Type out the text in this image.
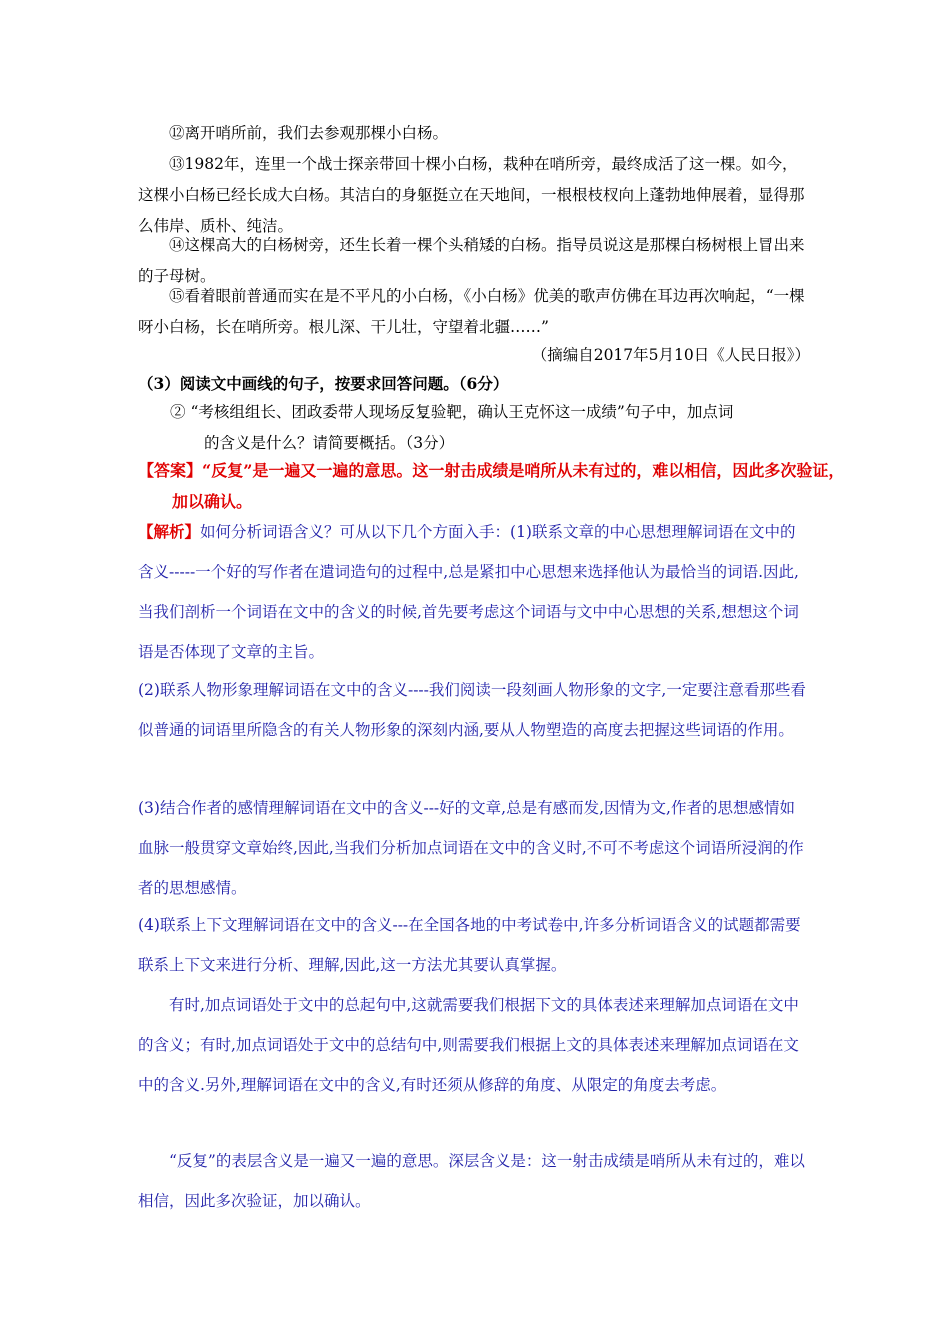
⑫离开哨所前，我们去参观那棵小白杨。

⑬1982年，连里一个战士探亲带回十棵小白杨，栽种在哨所旁，最终成活了这一棵。如今，这棵小白杨已经长成大白杨。其洁白的身躯挺立在天地间，一根根枝杈向上蓬勃地伸展着，显得那么伟岸、质朴、纯洁。

⑭这棵高大的白杨树旁，还生长着一棵个头稍矮的白杨。指导员说这是那棵白杨树根上冒出来的子母树。

⑮看着眼前普通而实在是不平凡的小白杨，《小白杨》优美的歌声仿佛在耳边再次响起，“一棵呀小白杨，长在哨所旁。根儿深、干儿壮，守望着北疆……”

（摘编自2017年5月10日《人民日报》）

（3）阅读文中画线的句子，按要求回答问题。（6分）

② “考核组组长、团政委带人现场反 ·复 ·验靶，确认王克怀这一成绩”句子中，加点词

的含义是什么？请简要概括。（3分）

【答案】“反复”是一遍又一遍的意思。这一射击成绩是哨所从未有过的，难以相信，因此多次验证，加以确认。
【解析】如何分析词语含义？可从以下几个方面入手：(1)联系文章的中心思想理解词语在文中的含义-----一个好的写作者在遣词造句的过程中,总是紧扣中心思想来选择他认为最恰当的词语.因此,当我们剖析一个词语在文中的含义的时候,首先要考虑这个词语与文中中心思想的关系,想想这个词语是否体现了文章的主旨。

(2)联系人物形象理解词语在文中的含义----我们阅读一段刻画人物形象的文字,一定要注意看那些看似普通的词语里所隐含的有关人物形象的深刻内涵,要从人物塑造的高度去把握这些词语的作用。

(3)结合作者的感情理解词语在文中的含义---好的文章,总是有感而发,因情为文,作者的思想感情如血脉一般贯穿文章始终,因此,当我们分析加点词语在文中的含义时,不可不考虑这个词语所浸润的作者的思想感情。

(4)联系上下文理解词语在文中的含义---在全国各地的中考试卷中,许多分析词语含义的试题都需要联系上下文来进行分析、理解,因此,这一方法尤其要认真掌握。

有时,加点词语处于文中的总起句中,这就需要我们根据下文的具体表述来理解加点词语在文中的含义；有时,加点词语处于文中的总结句中,则需要我们根据上文的具体表述来理解加点词语在文中的含义.另外,理解词语在文中的含义,有时还须从修辞的角度、从限定的角度去考虑。

“反复”的表层含义是一遍又一遍的意思。深层含义是：这一射击成绩是哨所从未有过的，难以相信，因此多次验证，加以确认。
